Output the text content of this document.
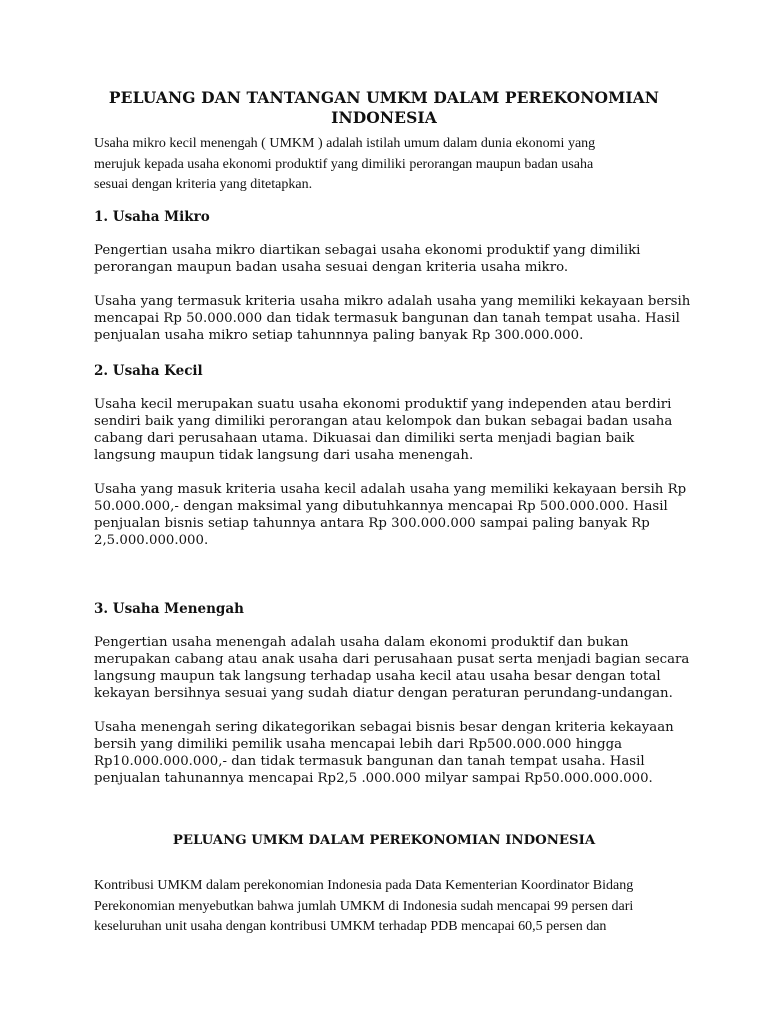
PELUANG DAN TANTANGAN UMKM DALAM PEREKONOMIAN
INDONESIA
Usaha mikro kecil menengah ( UMKM ) adalah istilah umum dalam dunia ekonomi yang
merujuk kepada usaha ekonomi produktif yang dimiliki perorangan maupun badan usaha
sesuai dengan kriteria yang ditetapkan.
1. Usaha Mikro
Pengertian usaha mikro diartikan sebagai usaha ekonomi produktif yang dimiliki
perorangan maupun badan usaha sesuai dengan kriteria usaha mikro.
Usaha yang termasuk kriteria usaha mikro adalah usaha yang memiliki kekayaan bersih
mencapai Rp 50.000.000 dan tidak termasuk bangunan dan tanah tempat usaha. Hasil
penjualan usaha mikro setiap tahunnnya paling banyak Rp 300.000.000.
2. Usaha Kecil
Usaha kecil merupakan suatu usaha ekonomi produktif yang independen atau berdiri
sendiri baik yang dimiliki perorangan atau kelompok dan bukan sebagai badan usaha
cabang dari perusahaan utama. Dikuasai dan dimiliki serta menjadi bagian baik
langsung maupun tidak langsung dari usaha menengah.
Usaha yang masuk kriteria usaha kecil adalah usaha yang memiliki kekayaan bersih Rp
50.000.000,- dengan maksimal yang dibutuhkannya mencapai Rp 500.000.000. Hasil
penjualan bisnis setiap tahunnya antara Rp 300.000.000 sampai paling banyak Rp
2,5.000.000.000.
3. Usaha Menengah
Pengertian usaha menengah adalah usaha dalam ekonomi produktif dan bukan
merupakan cabang atau anak usaha dari perusahaan pusat serta menjadi bagian secara
langsung maupun tak langsung terhadap usaha kecil atau usaha besar dengan total
kekayan bersihnya sesuai yang sudah diatur dengan peraturan perundang-undangan.
Usaha menengah sering dikategorikan sebagai bisnis besar dengan kriteria kekayaan
bersih yang dimiliki pemilik usaha mencapai lebih dari Rp500.000.000 hingga
Rp10.000.000.000,- dan tidak termasuk bangunan dan tanah tempat usaha. Hasil
penjualan tahunannya mencapai Rp2,5 .000.000 milyar sampai Rp50.000.000.000.
PELUANG UMKM DALAM PEREKONOMIAN INDONESIA
Kontribusi UMKM dalam perekonomian Indonesia pada Data Kementerian Koordinator Bidang
Perekonomian menyebutkan bahwa jumlah UMKM di Indonesia sudah mencapai 99 persen dari
keseluruhan unit usaha dengan kontribusi UMKM terhadap PDB mencapai 60,5 persen dan
